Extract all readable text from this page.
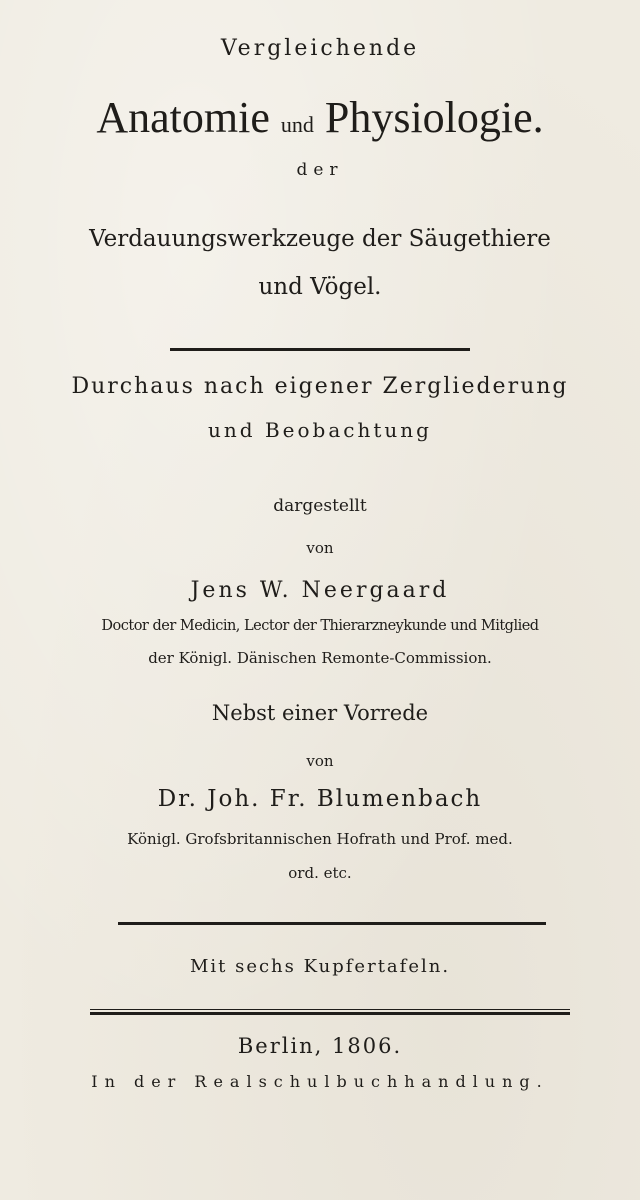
Vergleichende
Anatomie und Physiologie.
der
Verdauungswerkzeuge der Säugethiere
und Vögel.
Durchaus nach eigener Zergliederung
und Beobachtung
dargestellt
von
Jens W. Neergaard
Doctor der Medicin, Lector der Thierarzneykunde und Mitglied
der Königl. Dänischen Remonte-Commission.
Nebst einer Vorrede
von
Dr. Joh. Fr. Blumenbach
Königl. Grofsbritannischen Hofrath und Prof. med.
ord. etc.
Mit sechs Kupfertafeln.
Berlin, 1806.
In der Realschulbuchhandlung.
